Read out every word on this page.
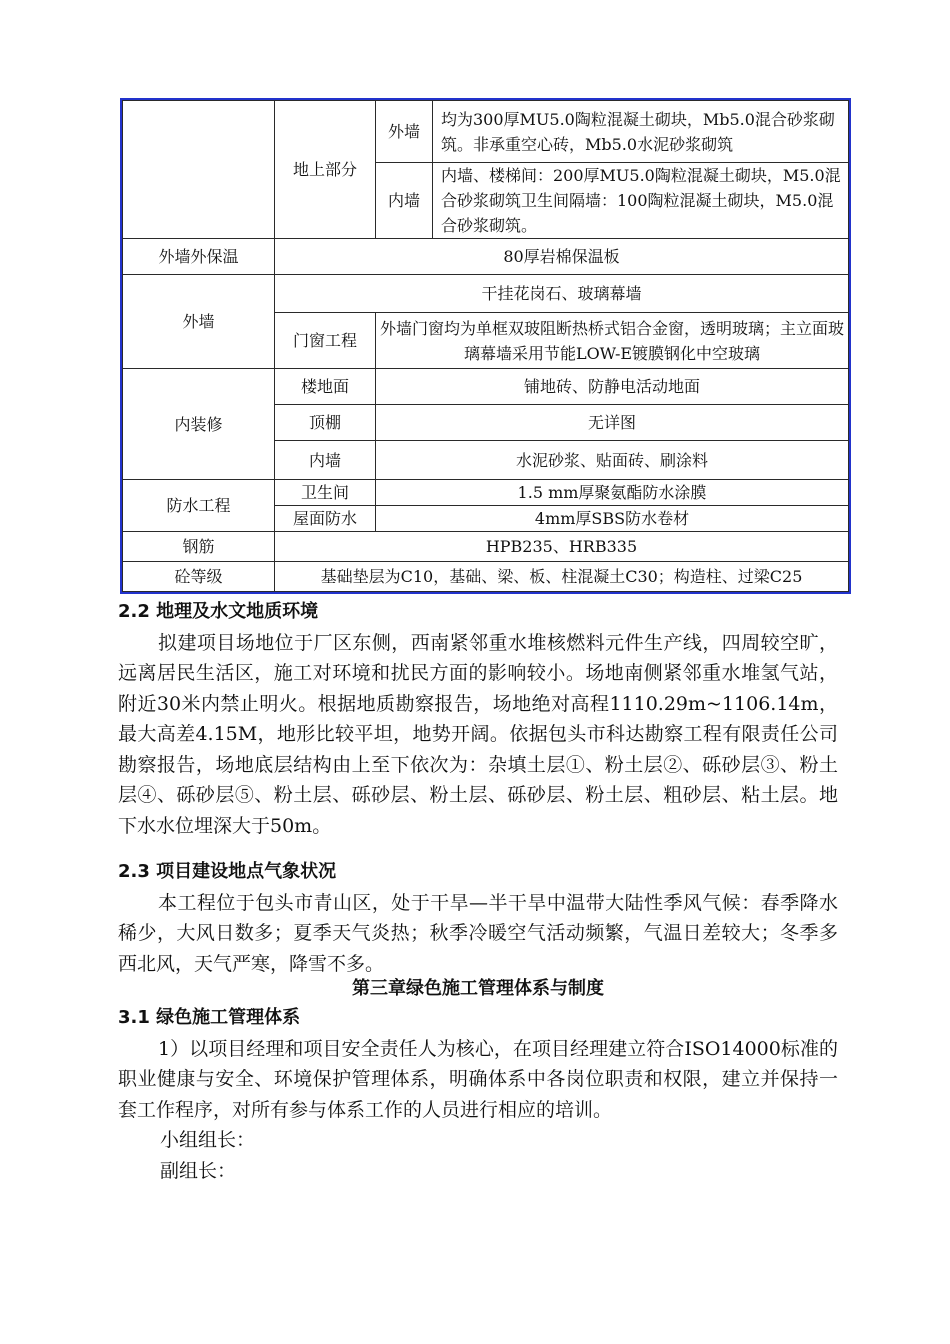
	地上部分	外墙	均为300厚MU5.0陶粒混凝土砌块，Mb5.0混合砂浆砌筑。非承重空心砖，Mb5.0水泥砂浆砌筑
		内墙	内墙、楼梯间：200厚MU5.0陶粒混凝土砌块，M5.0混合砂浆砌筑卫生间隔墙：100陶粒混凝土砌块，M5.0混合砂浆砌筑。
外墙外保温	80厚岩棉保温板		
外墙	干挂花岗石、玻璃幕墙		
	门窗工程	外墙门窗均为单框双玻阻断热桥式铝合金窗，透明玻璃；主立面玻璃幕墙采用节能LOW-E镀膜钢化中空玻璃	
内装修	楼地面	铺地砖、防静电活动地面	
	顶棚	无详图	
	内墙	水泥砂浆、贴面砖、刷涂料	
防水工程	卫生间	1.5 mm厚聚氨酯防水涂膜	
	屋面防水	4mm厚SBS防水卷材	
钢筋	HPB235、HRB335		
砼等级	基础垫层为C10，基础、梁、板、柱混凝土C30；构造柱、过梁C25		
2.2 地理及水文地质环境

拟建项目场地位于厂区东侧，西南紧邻重水堆核燃料元件生产线，四周较空旷，远离居民生活区，施工对环境和扰民方面的影响较小。场地南侧紧邻重水堆氢气站，附近30米内禁止明火。根据地质勘察报告，场地绝对高程1110.29m~1106.14m，最大高差4.15M，地形比较平坦，地势开阔。依据包头市科达勘察工程有限责任公司勘察报告，场地底层结构由上至下依次为：杂填土层①、粉土层②、砾砂层③、粉土层④、砾砂层⑤、粉土层、砾砂层、粉土层、砾砂层、粉土层、粗砂层、粘土层。地下水水位埋深大于50m。

2.3 项目建设地点气象状况

本工程位于包头市青山区，处于干旱—半干旱中温带大陆性季风气候：春季降水稀少，大风日数多；夏季天气炎热；秋季冷暖空气活动频繁，气温日差较大；冬季多西北风，天气严寒，降雪不多。

第三章绿色施工管理体系与制度
3.1 绿色施工管理体系

1）以项目经理和项目安全责任人为核心，在项目经理建立符合ISO14000标准的职业健康与安全、环境保护管理体系，明确体系中各岗位职责和权限，建立并保持一套工作程序，对所有参与体系工作的人员进行相应的培训。

小组组长：
副组长：
